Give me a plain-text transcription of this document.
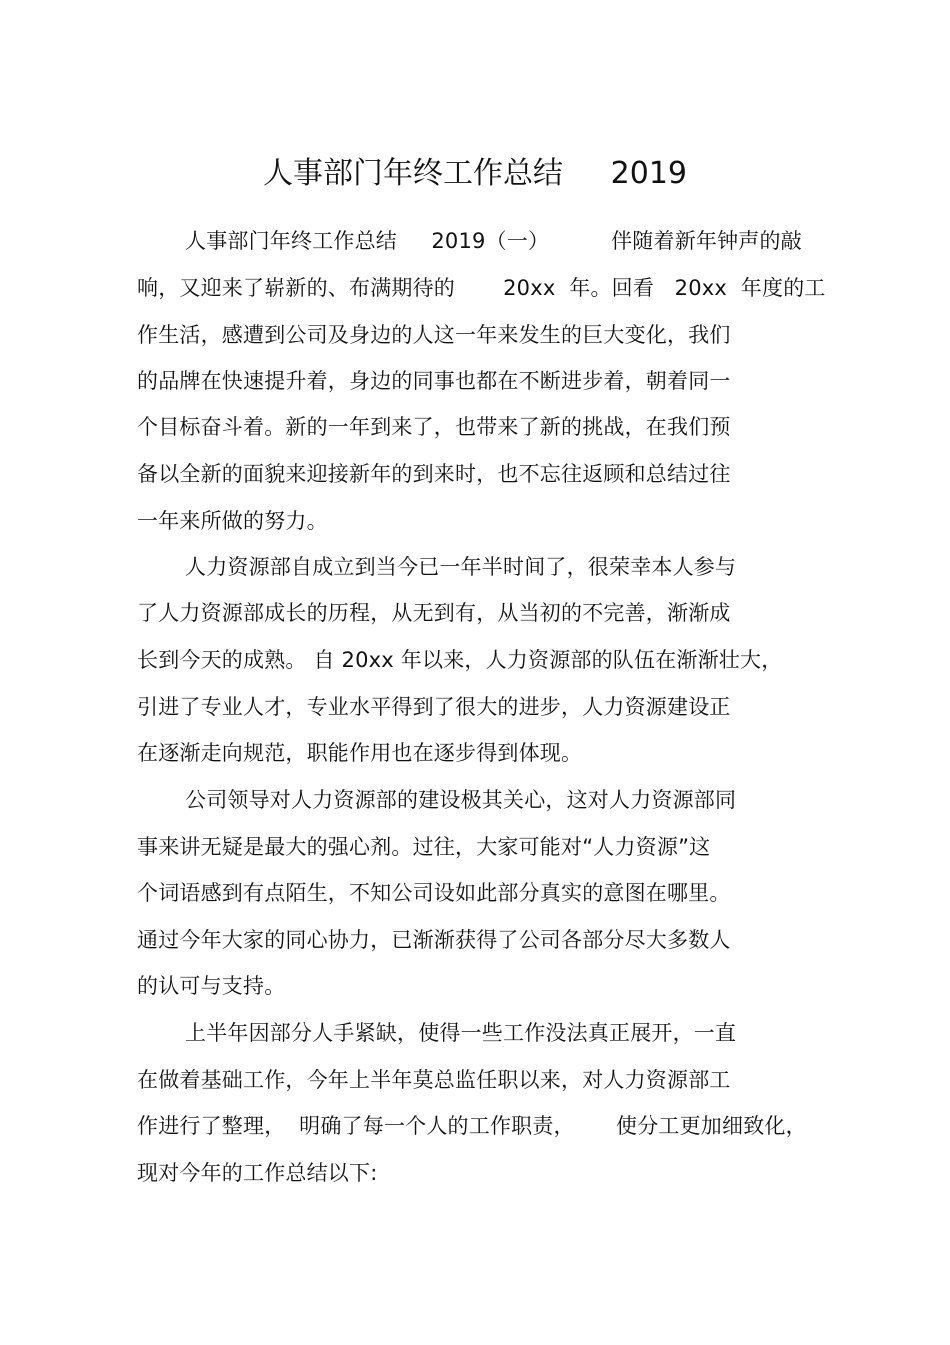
人事部门年终工作总结     2019
人事部门年终工作总结     2019（一）         伴随着新年钟声的敲
响，又迎来了崭新的、布满期待的       20xx  年。回看   20xx  年度的工
作生活，感遭到公司及身边的人这一年来发生的巨大变化，我们
的品牌在快速提升着，身边的同事也都在不断进步着，朝着同一
个目标奋斗着。新的一年到来了，也带来了新的挑战，在我们预
备以全新的面貌来迎接新年的到来时，也不忘往返顾和总结过往
一年来所做的努力。
人力资源部自成立到当今已一年半时间了，很荣幸本人参与
了人力资源部成长的历程，从无到有，从当初的不完善，渐渐成
长到今天的成熟。 自 20xx 年以来，人力资源部的队伍在渐渐壮大，
引进了专业人才，专业水平得到了很大的进步，人力资源建设正
在逐渐走向规范，职能作用也在逐步得到体现。
公司领导对人力资源部的建设极其关心，这对人力资源部同
事来讲无疑是最大的强心剂。过往，大家可能对“人力资源”这
个词语感到有点陌生，不知公司设如此部分真实的意图在哪里。
通过今年大家的同心协力，已渐渐获得了公司各部分尽大多数人
的认可与支持。
上半年因部分人手紧缺，使得一些工作没法真正展开，一直
在做着基础工作，今年上半年莫总监任职以来，对人力资源部工
作进行了整理，  明确了每一个人的工作职责，      使分工更加细致化，
现对今年的工作总结以下:
